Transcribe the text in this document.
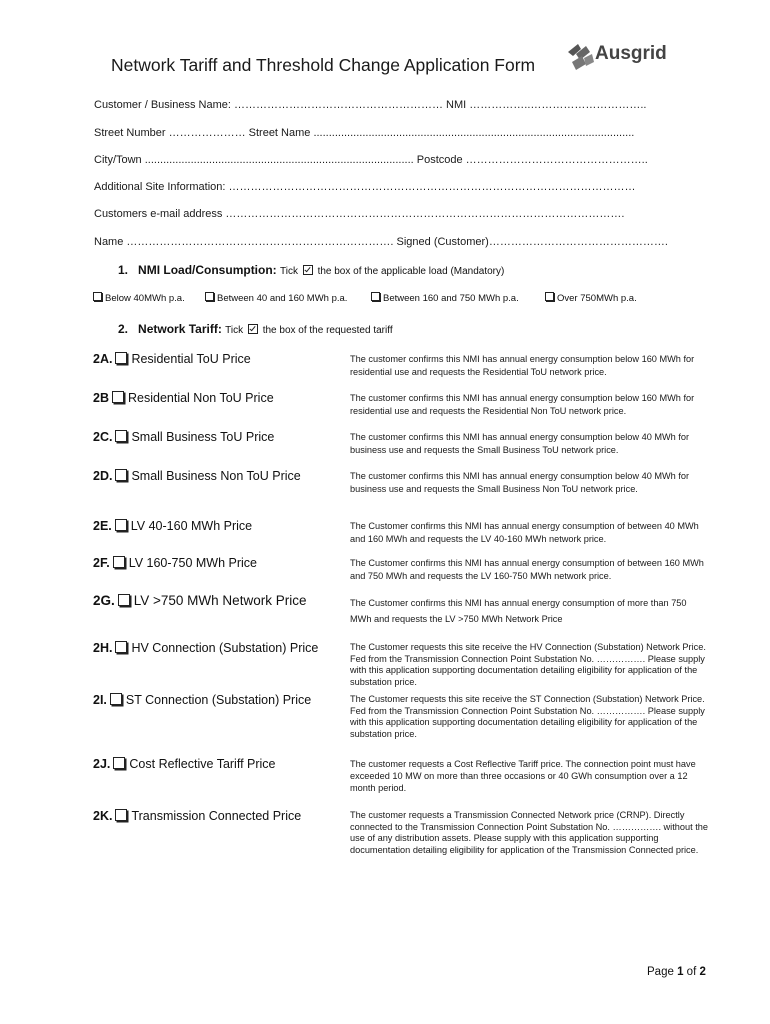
Network Tariff and Threshold Change Application Form
Ausgrid
Customer / Business Name: ………………………………………………… NMI ……………..…………………………..
Street Number ………………… Street Name .........................................................................................................
City/Town ........................................................................................ Postcode …………………………………………..
Additional Site Information: …………………………………………………………………………………………………
Customers e-mail address ……………………………………………………………………………………………….
Name ………………………………………………………………. Signed (Customer)………………………………………….
1. NMI Load/Consumption: Tick the box of the applicable load (Mandatory)
Below 40MWh p.a.	Between 40 and 160 MWh p.a.	Between 160 and 750 MWh p.a.	Over 750MWh p.a.
2. Network Tariff: Tick the box of the requested tariff
2A. Residential ToU Price	The customer confirms this NMI has annual energy consumption below 160 MWh for residential use and requests the Residential ToU network price.
2B Residential Non ToU Price	The customer confirms this NMI has annual energy consumption below 160 MWh for residential use and requests the Residential Non ToU network price.
2C. Small Business ToU Price	The customer confirms this NMI has annual energy consumption below 40 MWh for business use and requests the Small Business ToU network price.
2D. Small Business Non ToU Price	The customer confirms this NMI has annual energy consumption below 40 MWh for business use and requests the Small Business Non ToU network price.
2E. LV 40-160 MWh Price	The Customer confirms this NMI has annual energy consumption of between 40 MWh and 160 MWh and requests the LV 40-160 MWh network price.
2F. LV 160-750 MWh Price	The Customer confirms this NMI has annual energy consumption of between 160 MWh and 750 MWh and requests the LV 160-750 MWh network price.
2G. LV >750 MWh Network Price	The Customer confirms this NMI has annual energy consumption of more than 750 MWh and requests the LV >750 MWh Network Price
2H. HV Connection (Substation) Price	The Customer requests this site receive the HV Connection (Substation) Network Price. Fed from the Transmission Connection Point Substation No. ……………. Please supply with this application supporting documentation detailing eligibility for application of the substation price.
2I. ST Connection (Substation) Price	The Customer requests this site receive the ST Connection (Substation) Network Price. Fed from the Transmission Connection Point Substation No. ……………. Please supply with this application supporting documentation detailing eligibility for application of the substation price.
2J. Cost Reflective Tariff Price	The customer requests a Cost Reflective Tariff price. The connection point must have exceeded 10 MW on more than three occasions or 40 GWh consumption over a 12 month period.
2K. Transmission Connected Price	The customer requests a Transmission Connected Network price (CRNP). Directly connected to the Transmission Connection Point Substation No. ……………. without the use of any distribution assets. Please supply with this application supporting documentation detailing eligibility for application of the Transmission Connected price.
Page 1 of 2
